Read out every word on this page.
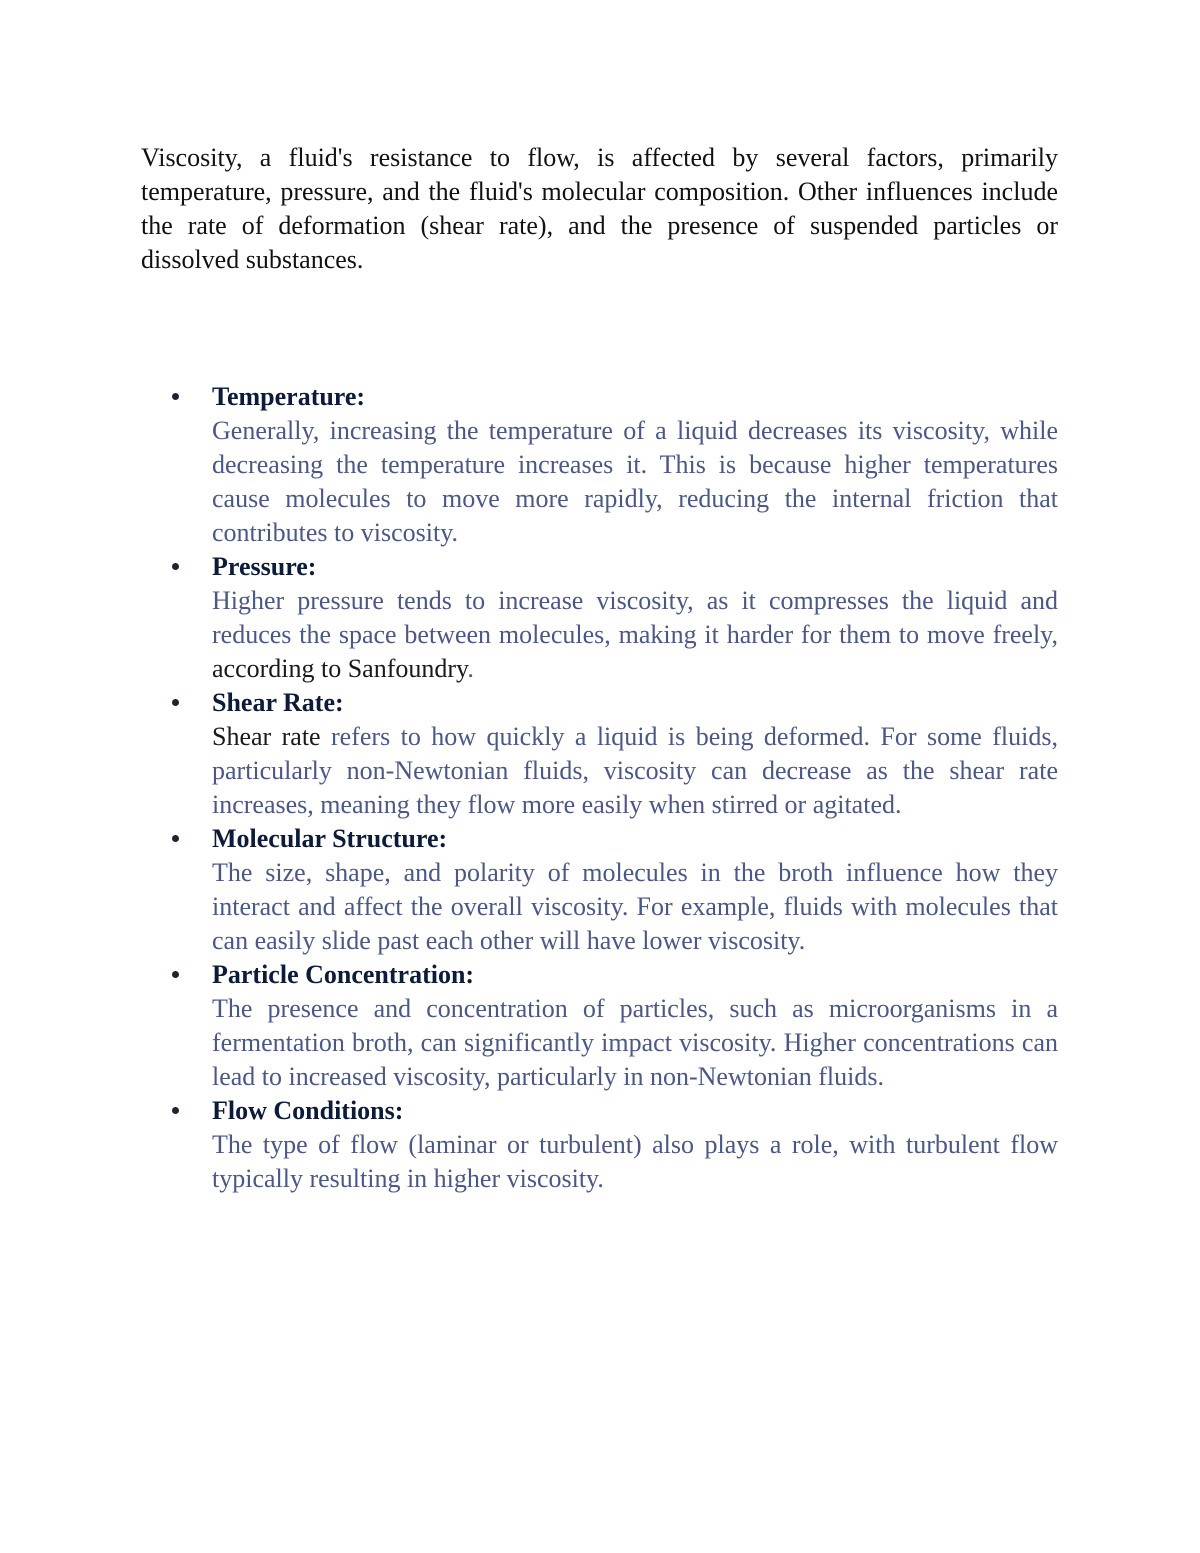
Viscosity, a fluid's resistance to flow, is affected by several factors, primarily temperature, pressure, and the fluid's molecular composition. Other influences include the rate of deformation (shear rate), and the presence of suspended particles or dissolved substances.

Temperature:

Generally, increasing the temperature of a liquid decreases its viscosity, while decreasing the temperature increases it. This is because higher temperatures cause molecules to move more rapidly, reducing the internal friction that contributes to viscosity.

Pressure:

Higher pressure tends to increase viscosity, as it compresses the liquid and reduces the space between molecules, making it harder for them to move freely, according to Sanfoundry.

Shear Rate:

Shear rate refers to how quickly a liquid is being deformed. For some fluids, particularly non-Newtonian fluids, viscosity can decrease as the shear rate increases, meaning they flow more easily when stirred or agitated.

Molecular Structure:

The size, shape, and polarity of molecules in the broth influence how they interact and affect the overall viscosity. For example, fluids with molecules that can easily slide past each other will have lower viscosity.

Particle Concentration:

The presence and concentration of particles, such as microorganisms in a fermentation broth, can significantly impact viscosity. Higher concentrations can lead to increased viscosity, particularly in non-Newtonian fluids.

Flow Conditions:

The type of flow (laminar or turbulent) also plays a role, with turbulent flow typically resulting in higher viscosity.
